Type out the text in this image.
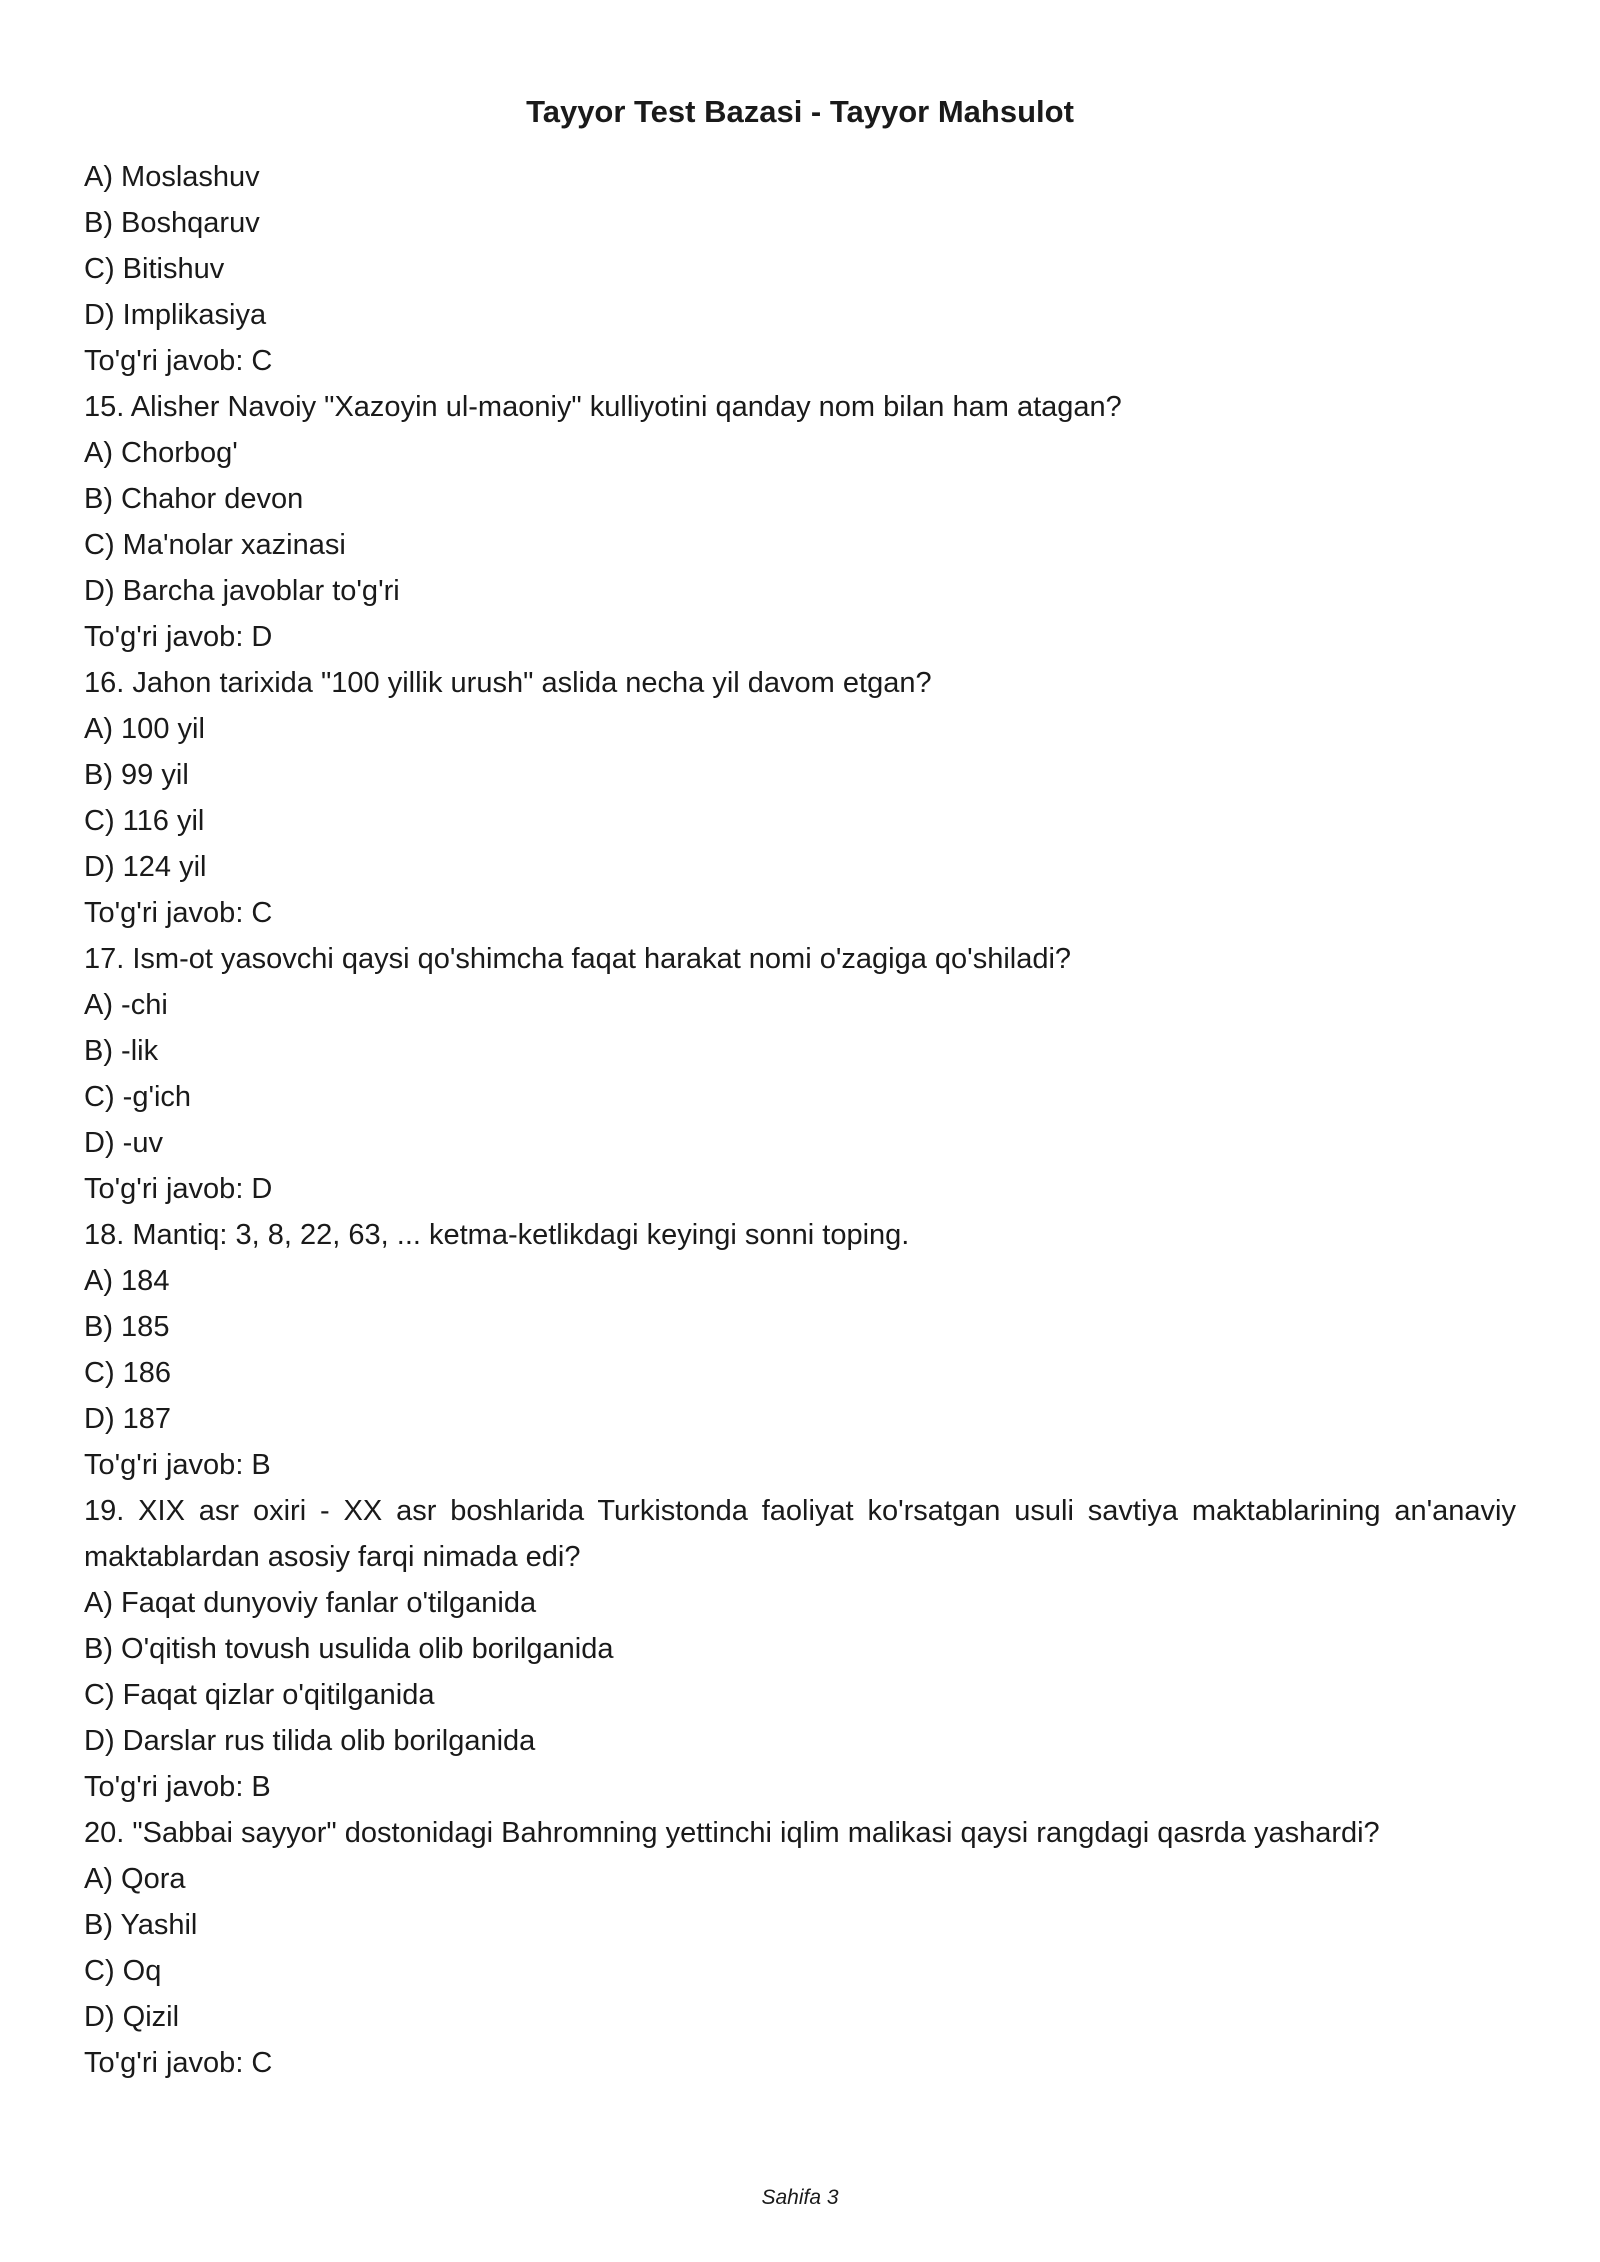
Tayyor Test Bazasi - Tayyor Mahsulot
A) Moslashuv
B) Boshqaruv
C) Bitishuv
D) Implikasiya
To'g'ri javob: C
15. Alisher Navoiy "Xazoyin ul-maoniy" kulliyotini qanday nom bilan ham atagan?
A) Chorbog'
B) Chahor devon
C) Ma'nolar xazinasi
D) Barcha javoblar to'g'ri
To'g'ri javob: D
16. Jahon tarixida "100 yillik urush" aslida necha yil davom etgan?
A) 100 yil
B) 99 yil
C) 116 yil
D) 124 yil
To'g'ri javob: C
17. Ism-ot yasovchi qaysi qo'shimcha faqat harakat nomi o'zagiga qo'shiladi?
A) -chi
B) -lik
C) -g'ich
D) -uv
To'g'ri javob: D
18. Mantiq: 3, 8, 22, 63, ... ketma-ketlikdagi keyingi sonni toping.
A) 184
B) 185
C) 186
D) 187
To'g'ri javob: B
19. XIX asr oxiri - XX asr boshlarida Turkistonda faoliyat ko'rsatgan usuli savtiya maktablarining an'anaviy
maktablardan asosiy farqi nimada edi?
A) Faqat dunyoviy fanlar o'tilganida
B) O'qitish tovush usulida olib borilganida
C) Faqat qizlar o'qitilganida
D) Darslar rus tilida olib borilganida
To'g'ri javob: B
20. "Sabbai sayyor" dostonidagi Bahromning yettinchi iqlim malikasi qaysi rangdagi qasrda yashardi?
A) Qora
B) Yashil
C) Oq
D) Qizil
To'g'ri javob: C
Sahifa 3
